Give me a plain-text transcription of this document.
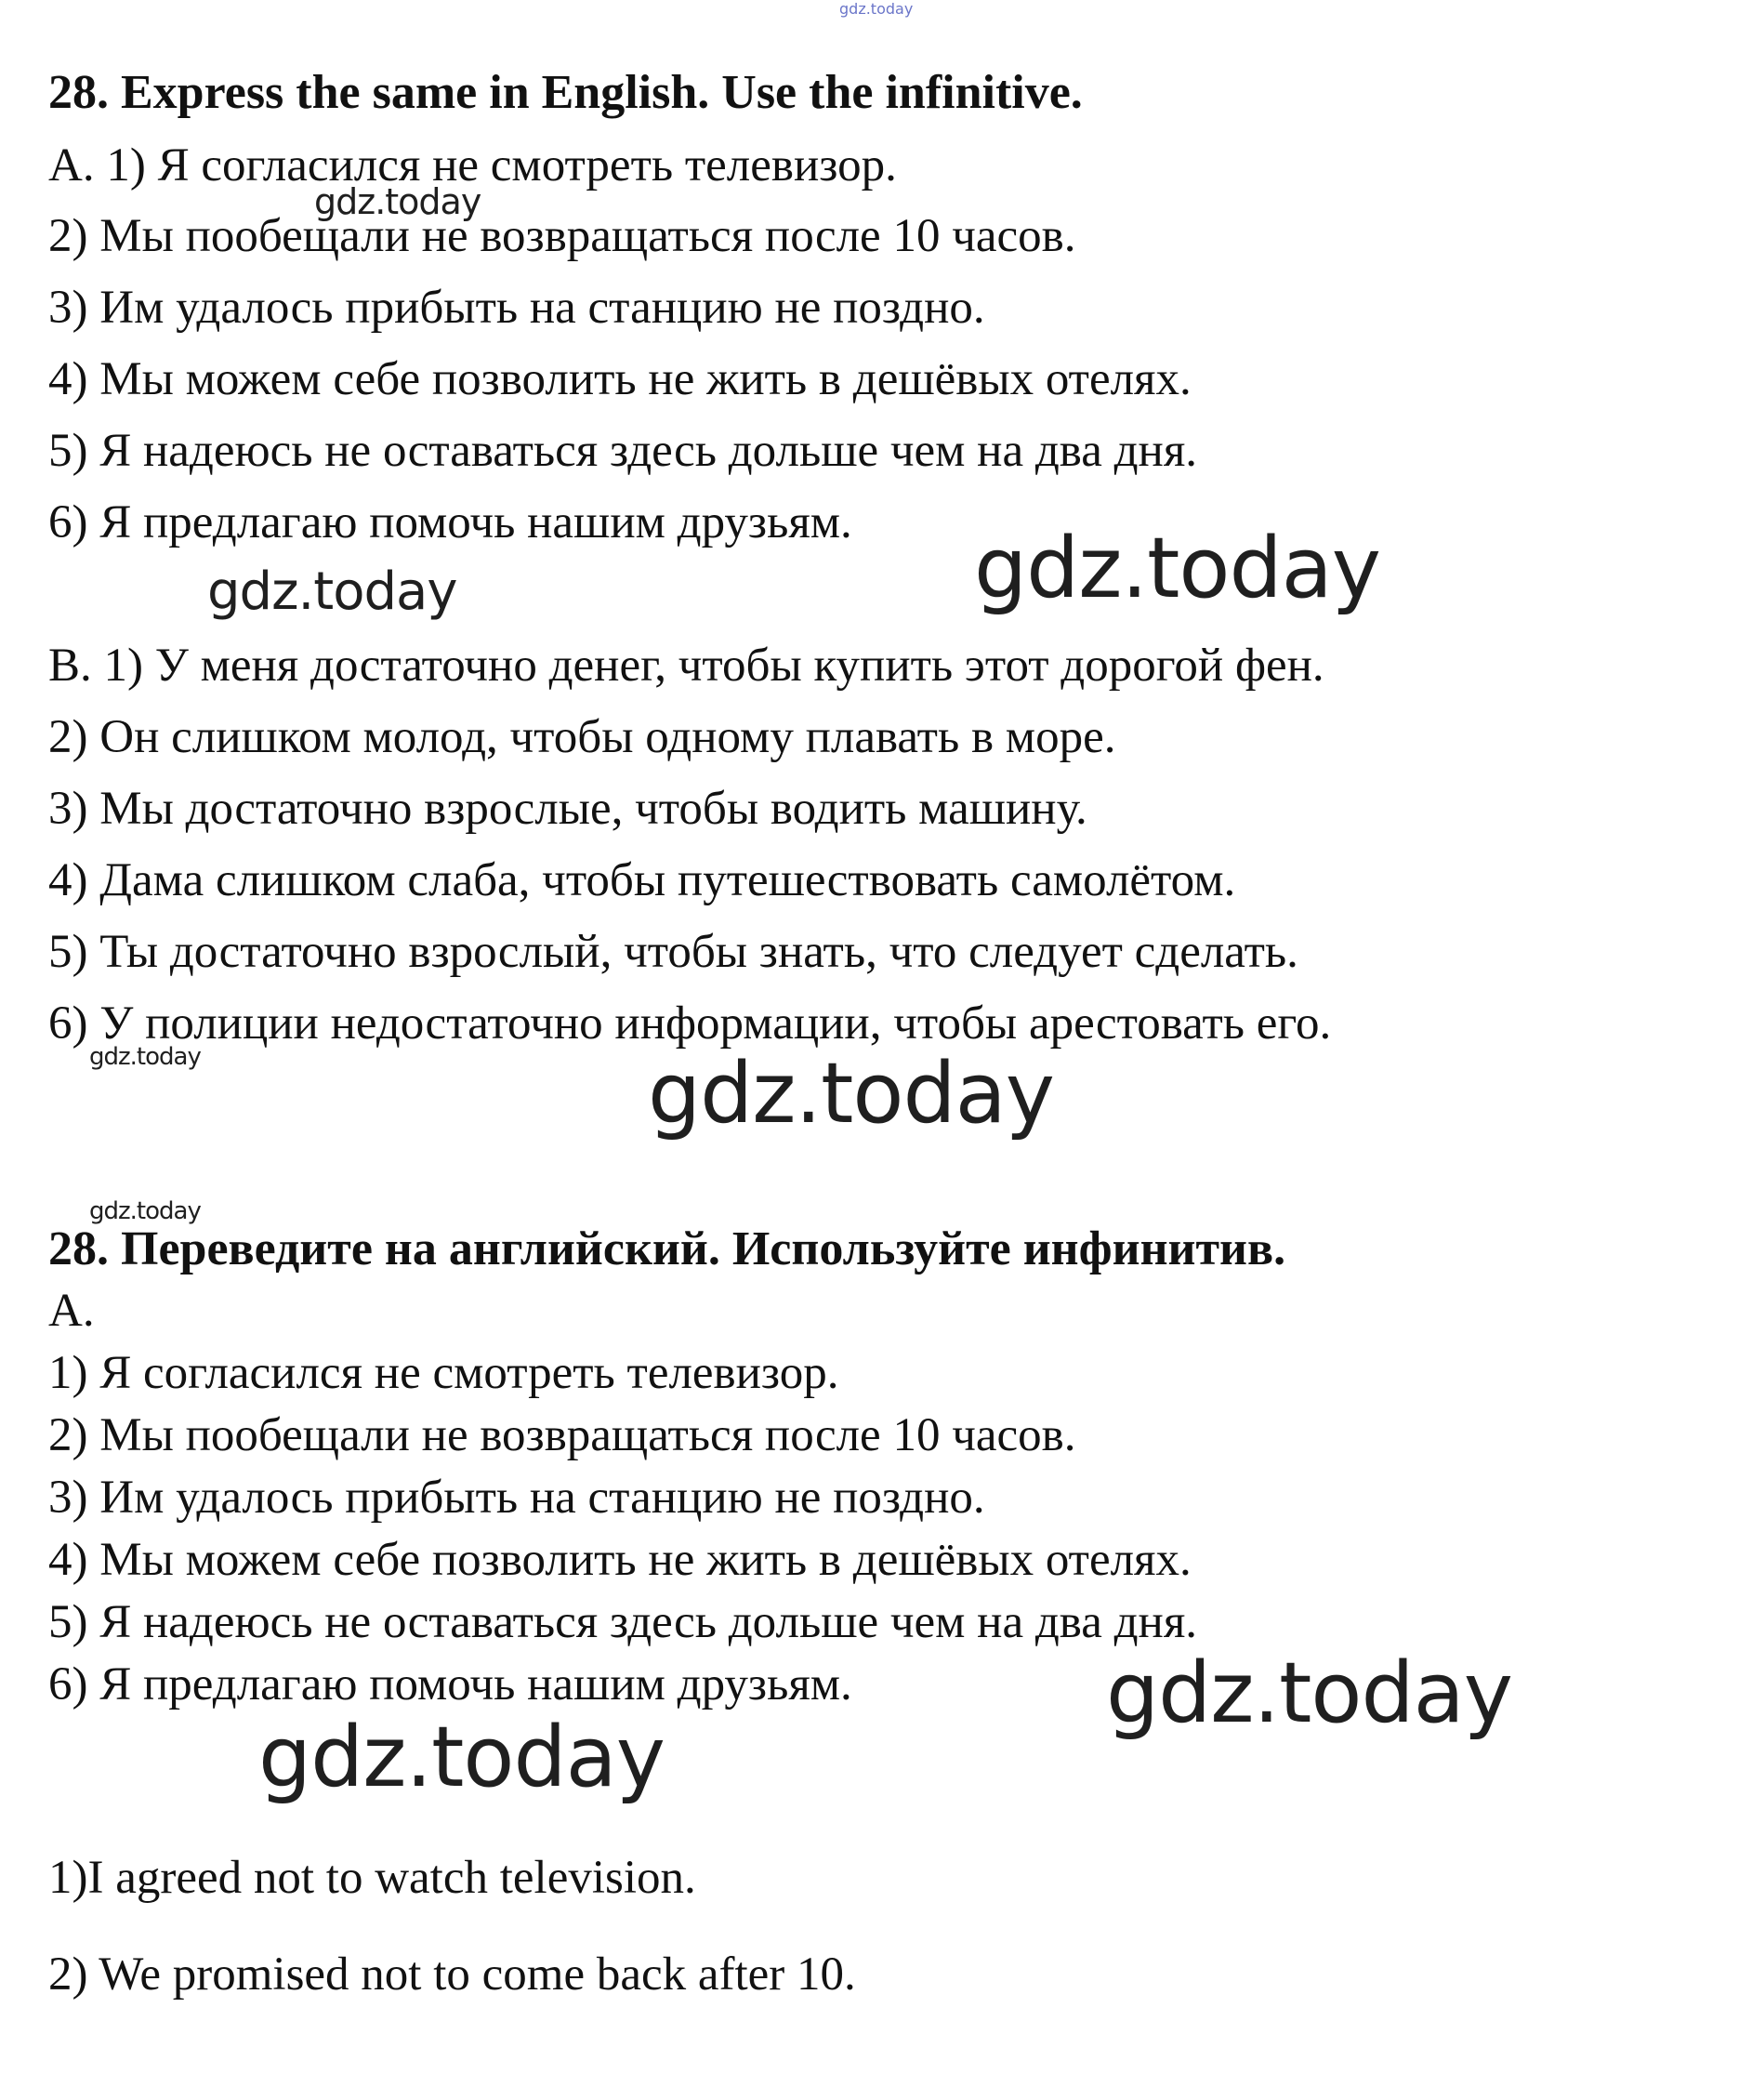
gdz.today
gdz.today
gdz.today	gdz.today
gdz.today	gdz.today
gdz.today
gdz.today
gdz.today
28. Express the same in English. Use the infinitive.
A. 1) Я согласился не смотреть телевизор.
2) Мы пообещали не возвращаться после 10 часов.
3) Им удалось прибыть на станцию не поздно.
4) Мы можем себе позволить не жить в дешёвых отелях.
5) Я надеюсь не оставаться здесь дольше чем на два дня.
6) Я предлагаю помочь нашим друзьям.
B. 1) У меня достаточно денег, чтобы купить этот дорогой фен.
2) Он слишком молод, чтобы одному плавать в море.
3) Мы достаточно взрослые, чтобы водить машину.
4) Дама слишком слаба, чтобы путешествовать самолётом.
5) Ты достаточно взрослый, чтобы знать, что следует сделать.
6) У полиции недостаточно информации, чтобы арестовать его.
28. Переведите на английский. Используйте инфинитив.
A.
1) Я согласился не смотреть телевизор.
2) Мы пообещали не возвращаться после 10 часов.
3) Им удалось прибыть на станцию не поздно.
4) Мы можем себе позволить не жить в дешёвых отелях.
5) Я надеюсь не оставаться здесь дольше чем на два дня.
6) Я предлагаю помочь нашим друзьям.
1)I agreed not to watch television.
2) We promised not to come back after 10.
